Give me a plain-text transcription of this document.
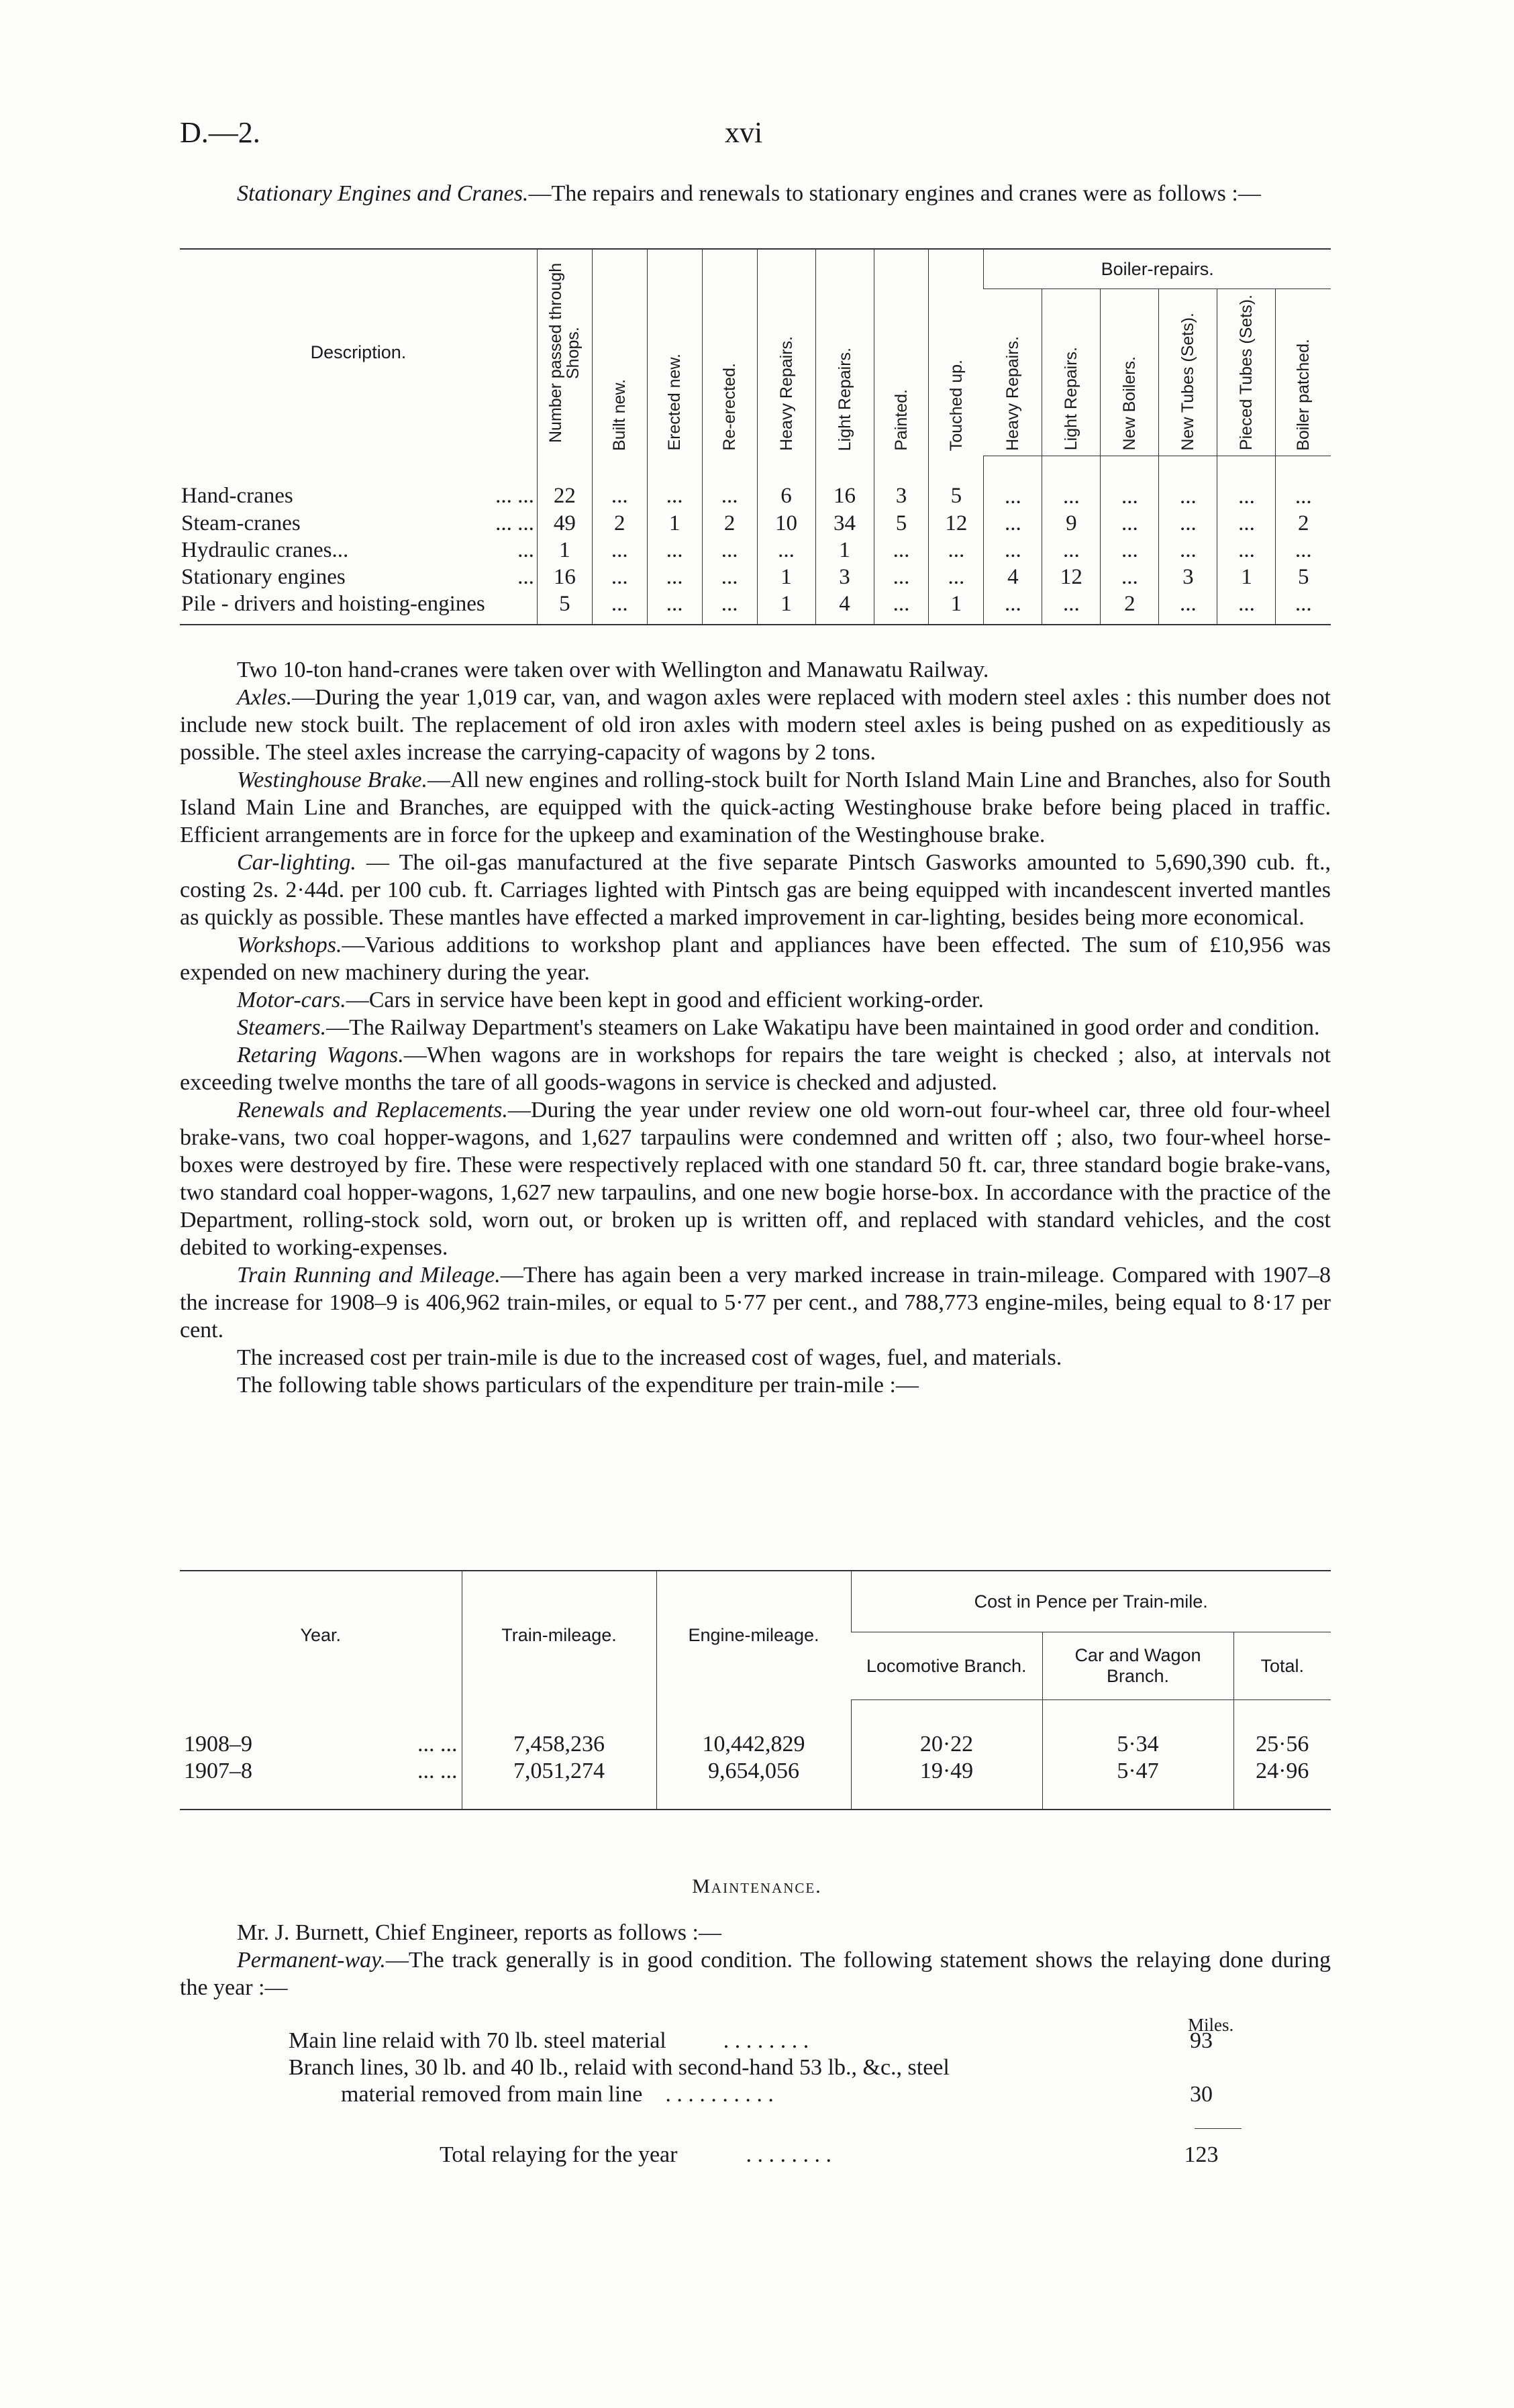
D.—2.	xvi

Stationary Engines and Cranes.—The repairs and renewals to stationary engines and cranes were as follows :—

Description.	Number passed through Shops.	Built new.	Erected new.	Re-erected.	Heavy Repairs.	Light Repairs.	Painted.	Touched up.	Boiler-repairs.					
									Heavy Repairs.	Light Repairs.	New Boilers.	New Tubes (Sets).	Pieced Tubes (Sets).	Boiler patched.

Hand-cranes ... ...	22	...	...	...	6	16	3	5	...	...	...	...	...	...

Steam-cranes ... ...	49	2	1	2	10	34	5	12	...	9	...	...	...	2

Hydraulic cranes... ...	1	...	...	...	...	1	...	...	...	...	...	...	...	...

Stationary engines ...	16	...	...	...	1	3	...	...	4	12	...	3	1	5

Pile - drivers and hoisting-engines	5	...	...	...	1	4	...	1	...	...	2	...	...	...

Two 10-ton hand-cranes were taken over with Wellington and Manawatu Railway.

Axles.—During the year 1,019 car, van, and wagon axles were replaced with modern steel axles : this number does not include new stock built. The replacement of old iron axles with modern steel axles is being pushed on as expeditiously as possible. The steel axles increase the carrying-capacity of wagons by 2 tons.

Westinghouse Brake.—All new engines and rolling-stock built for North Island Main Line and Branches, also for South Island Main Line and Branches, are equipped with the quick-acting Westinghouse brake before being placed in traffic. Efficient arrangements are in force for the upkeep and examination of the Westinghouse brake.

Car-lighting. — The oil-gas manufactured at the five separate Pintsch Gasworks amounted to 5,690,390 cub. ft., costing 2s. 2·44d. per 100 cub. ft. Carriages lighted with Pintsch gas are being equipped with incandescent inverted mantles as quickly as possible. These mantles have effected a marked improvement in car-lighting, besides being more economical.

Workshops.—Various additions to workshop plant and appliances have been effected. The sum of £10,956 was expended on new machinery during the year.

Motor-cars.—Cars in service have been kept in good and efficient working-order.

Steamers.—The Railway Department's steamers on Lake Wakatipu have been maintained in good order and condition.

Retaring Wagons.—When wagons are in workshops for repairs the tare weight is checked ; also, at intervals not exceeding twelve months the tare of all goods-wagons in service is checked and adjusted.

Renewals and Replacements.—During the year under review one old worn-out four-wheel car, three old four-wheel brake-vans, two coal hopper-wagons, and 1,627 tarpaulins were condemned and written off ; also, two four-wheel horse-boxes were destroyed by fire. These were respectively replaced with one standard 50 ft. car, three standard bogie brake-vans, two standard coal hopper-wagons, 1,627 new tarpaulins, and one new bogie horse-box. In accordance with the practice of the Department, rolling-stock sold, worn out, or broken up is written off, and replaced with standard vehicles, and the cost debited to working-expenses.

Train Running and Mileage.—There has again been a very marked increase in train-mileage. Compared with 1907–8 the increase for 1908–9 is 406,962 train-miles, or equal to 5·77 per cent., and 788,773 engine-miles, being equal to 8·17 per cent.

The increased cost per train-mile is due to the increased cost of wages, fuel, and materials.

The following table shows particulars of the expenditure per train-mile :—

Year.	Train-mileage.	Engine-mileage.	Cost in Pence per Train-mile.		
			Locomotive Branch.	Car and Wagon Branch.	Total.
1908–9 ... ...	7,458,236	10,442,829	20·22	5·34	25·56
1907–8 ... ...	7,051,274	9,654,056	19·49	5·47	24·96
Maintenance.

Mr. J. Burnett, Chief Engineer, reports as follows :—

Permanent-way.—The track generally is in good condition. The following statement shows the relaying done during the year :—

Miles.
Main line relaid with 70 lb. steel material	. . . . . . . .	93
Branch lines, 30 lb. and 40 lb., relaid with second-hand 53 lb., &c., steel
material removed from main line . . . . . . . . . .	30
Total relaying for the year	. . . . . . . .	123
